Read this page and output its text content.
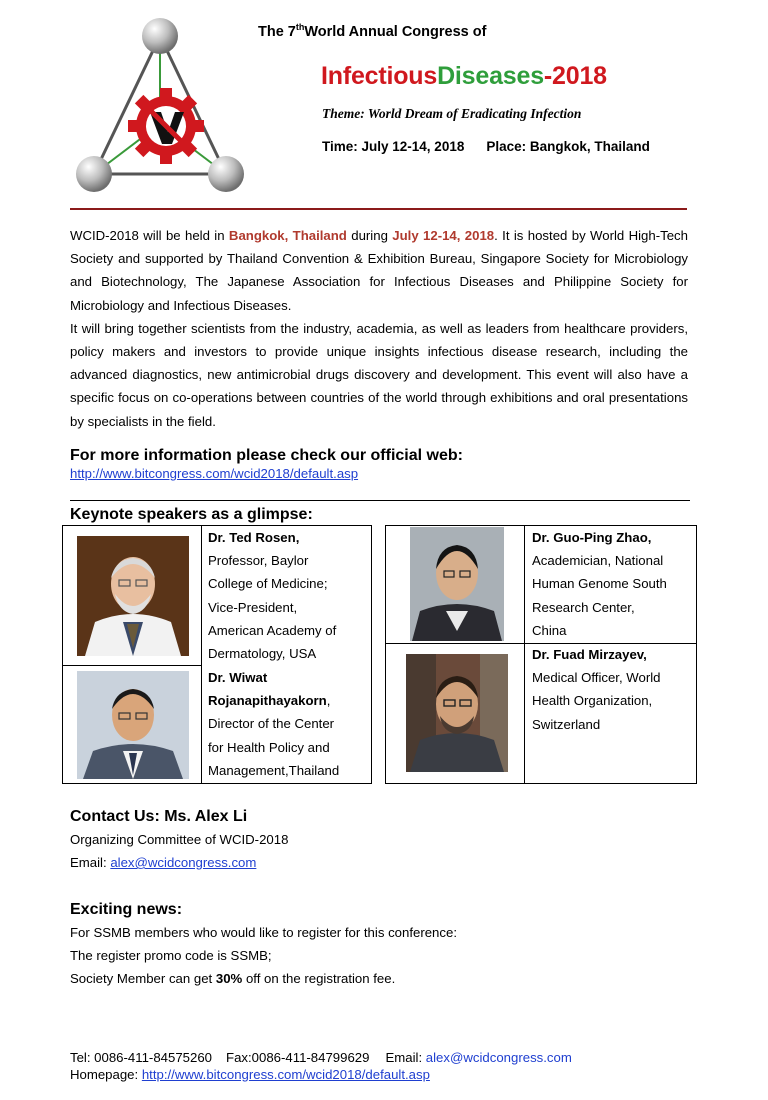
The 7thWorld Annual Congress of
InfectiousDiseases-2018
Theme: World Dream of Eradicating Infection
Time: July 12-14, 2018 Place: Bangkok, Thailand

WCID-2018 will be held in Bangkok, Thailand during July 12-14, 2018. It is hosted by World High-Tech Society and supported by Thailand Convention & Exhibition Bureau, Singapore Society for Microbiology and Biotechnology, The Japanese Association for Infectious Diseases and Philippine Society for Microbiology and Infectious Diseases.

It will bring together scientists from the industry, academia, as well as leaders from healthcare providers, policy makers and investors to provide unique insights infectious disease research, including the advanced diagnostics, new antimicrobial drugs discovery and development. This event will also have a specific focus on co-operations between countries of the world through exhibitions and oral presentations by specialists in the field.

For more information please check our official web:
http://www.bitcongress.com/wcid2018/default.asp
Keynote speakers as a glimpse:
Dr. Ted Rosen,
Professor, Baylor
College of Medicine;
Vice-President,
American Academy of
Dermatology, USA
Dr. Wiwat
Rojanapithayakorn,
Director of the Center
for Health Policy and
Management,Thailand
Dr. Guo-Ping Zhao,
Academician, National
Human Genome South
Research Center,
China
Dr. Fuad Mirzayev,
Medical Officer, World
Health Organization,
Switzerland
Contact Us: Ms. Alex Li
Organizing Committee of WCID-2018
Email: alex@wcidcongress.com
Exciting news:
For SSMB members who would like to register for this conference:
The register promo code is SSMB;
Society Member can get 30% off on the registration fee.
Tel: 0086-411-84575260 Fax:0086-411-84799629 Email: alex@wcidcongress.com
Homepage: http://www.bitcongress.com/wcid2018/default.asp
